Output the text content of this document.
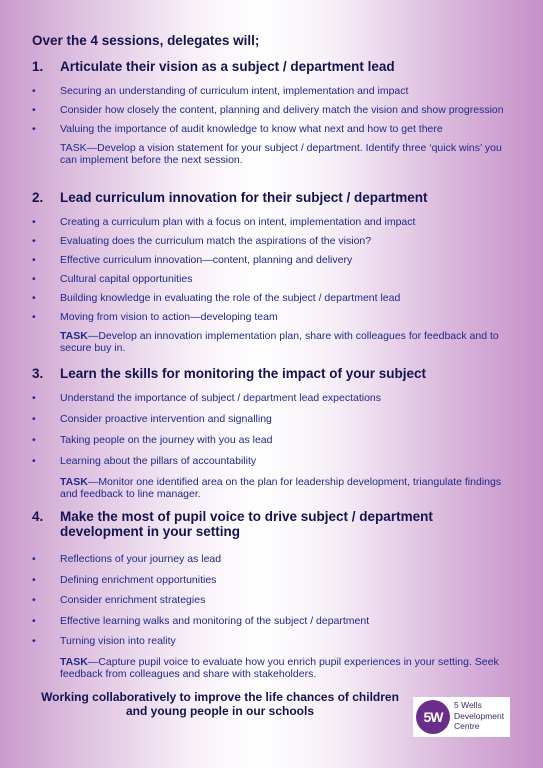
Over the 4 sessions, delegates will;

1.	Articulate their vision as a subject / department lead
•	Securing an understanding of curriculum intent, implementation and impact
•	Consider how closely the content, planning and delivery match the vision and show progression
•	Valuing the importance of audit knowledge to know what next and how to get there

TASK—Develop a vision statement for your subject / department. Identify three ‘quick wins’ you can implement before the next session.

2.	Lead curriculum innovation for their subject / department
•	Creating a curriculum plan with a focus on intent, implementation and impact
•	Evaluating does the curriculum match the aspirations of the vision?
•	Effective curriculum innovation—content, planning and delivery
•	Cultural capital opportunities
•	Building knowledge in evaluating the role of the subject / department lead
•	Moving from vision to action—developing team

TASK—Develop an innovation implementation plan, share with colleagues for feedback and to secure buy in.

3.	Learn the skills for monitoring the impact of your subject
•	Understand the importance of subject / department lead expectations
•	Consider proactive intervention and signalling
•	Taking people on the journey with you as lead
•	Learning about the pillars of accountability

TASK—Monitor one identified area on the plan for leadership development, triangulate findings and feedback to line manager.

4.	Make the most of pupil voice to drive subject / department development in your setting
•	Reflections of your journey as lead
•	Defining enrichment opportunities
•	Consider enrichment strategies
•	Effective learning walks and monitoring of the subject / department
•	Turning vision into reality

TASK—Capture pupil voice to evaluate how you enrich pupil experiences in your setting. Seek feedback from colleagues and share with stakeholders.

Working collaboratively to improve the life chances of children and young people in our schools	5W
5 Wells
Development
Centre
